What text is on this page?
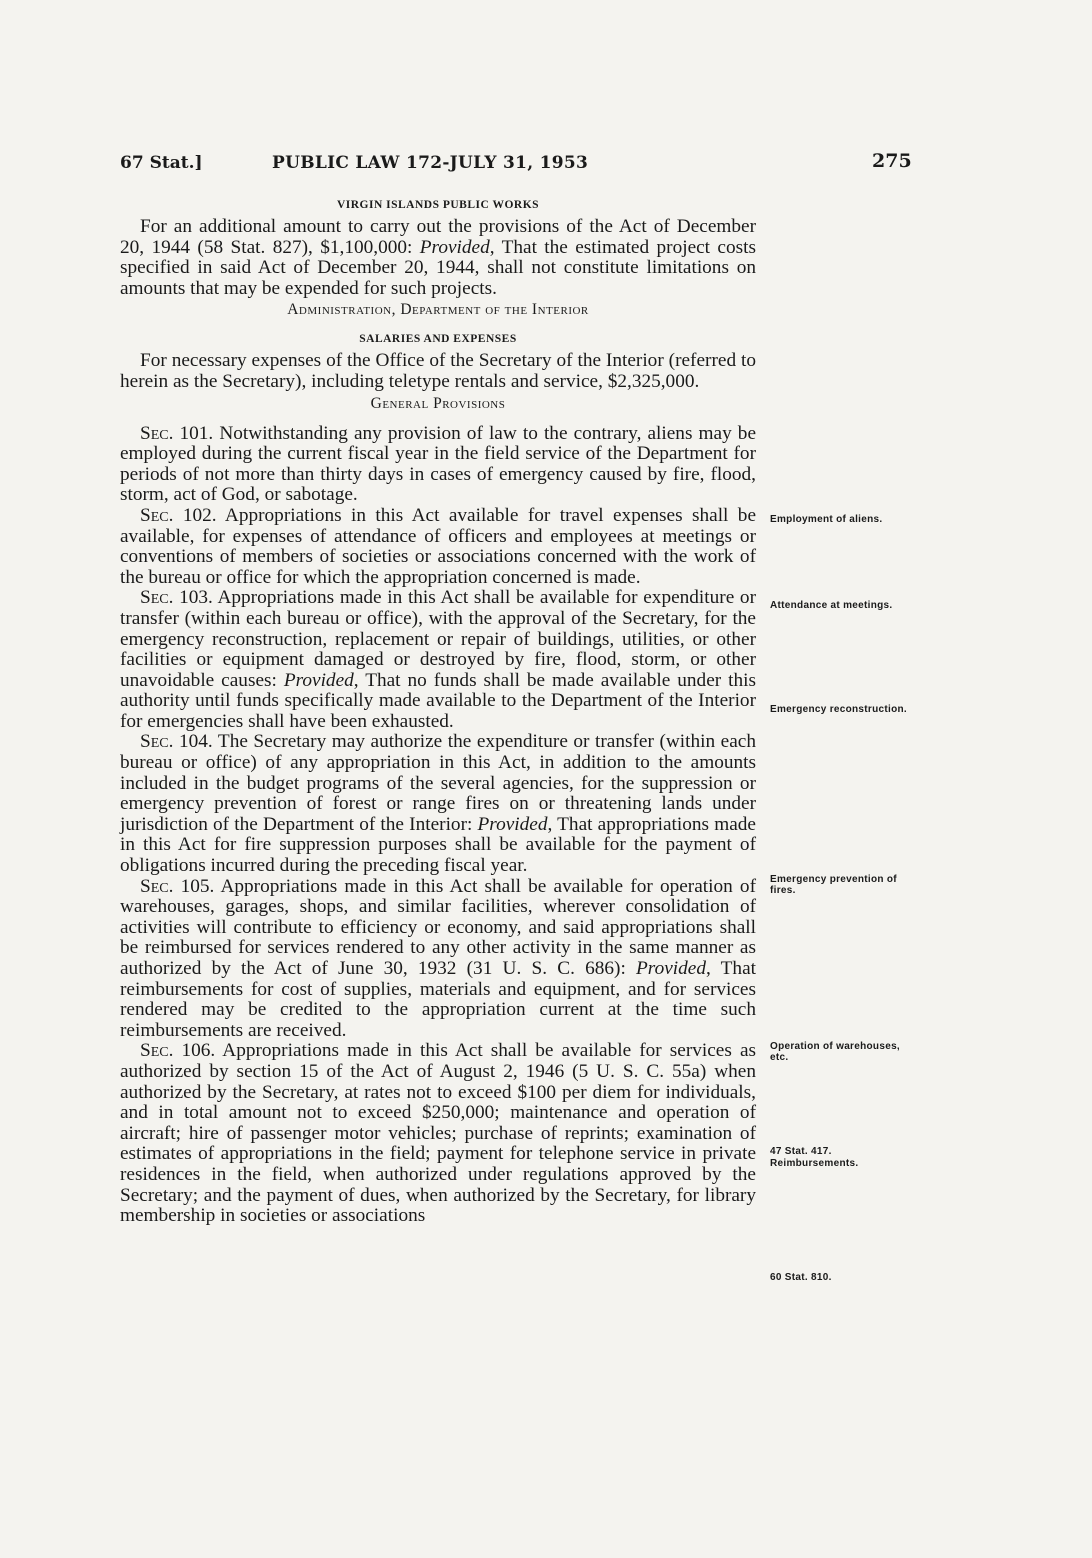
67 Stat.]	PUBLIC LAW 172-JULY 31, 1953	275

VIRGIN ISLANDS PUBLIC WORKS

For an additional amount to carry out the provisions of the Act of December 20, 1944 (58 Stat. 827), $1,100,000: Provided, That the estimated project costs specified in said Act of December 20, 1944, shall not constitute limitations on amounts that may be expended for such projects.

Administration, Department of the Interior

SALARIES AND EXPENSES

For necessary expenses of the Office of the Secretary of the Interior (referred to herein as the Secretary), including teletype rentals and service, $2,325,000.

General Provisions

Sec. 101. Notwithstanding any provision of law to the contrary, aliens may be employed during the current fiscal year in the field service of the Department for periods of not more than thirty days in cases of emergency caused by fire, flood, storm, act of God, or sabotage.

Sec. 102. Appropriations in this Act available for travel expenses shall be available, for expenses of attendance of officers and employees at meetings or conventions of members of societies or associations concerned with the work of the bureau or office for which the appropriation concerned is made.

Sec. 103. Appropriations made in this Act shall be available for expenditure or transfer (within each bureau or office), with the approval of the Secretary, for the emergency reconstruction, replacement or repair of buildings, utilities, or other facilities or equipment damaged or destroyed by fire, flood, storm, or other unavoidable causes: Provided, That no funds shall be made available under this authority until funds specifically made available to the Department of the Interior for emergencies shall have been exhausted.

Sec. 104. The Secretary may authorize the expenditure or transfer (within each bureau or office) of any appropriation in this Act, in addition to the amounts included in the budget programs of the several agencies, for the suppression or emergency prevention of forest or range fires on or threatening lands under jurisdiction of the Department of the Interior: Provided, That appropriations made in this Act for fire suppression purposes shall be available for the payment of obligations incurred during the preceding fiscal year.

Sec. 105. Appropriations made in this Act shall be available for operation of warehouses, garages, shops, and similar facilities, wherever consolidation of activities will contribute to efficiency or economy, and said appropriations shall be reimbursed for services rendered to any other activity in the same manner as authorized by the Act of June 30, 1932 (31 U. S. C. 686): Provided, That reimbursements for cost of supplies, materials and equipment, and for services rendered may be credited to the appropriation current at the time such reimbursements are received.

Sec. 106. Appropriations made in this Act shall be available for services as authorized by section 15 of the Act of August 2, 1946 (5 U. S. C. 55a) when authorized by the Secretary, at rates not to exceed $100 per diem for individuals, and in total amount not to exceed $250,000; maintenance and operation of aircraft; hire of passenger motor vehicles; purchase of reprints; examination of estimates of appropriations in the field; payment for telephone service in private residences in the field, when authorized under regulations approved by the Secretary; and the payment of dues, when authorized by the Secretary, for library membership in societies or associations

Employment of aliens.
Attendance at meetings.
Emergency reconstruction.
Emergency prevention of fires.
Operation of warehouses, etc.
47 Stat. 417.
Reimbursements.
60 Stat. 810.
